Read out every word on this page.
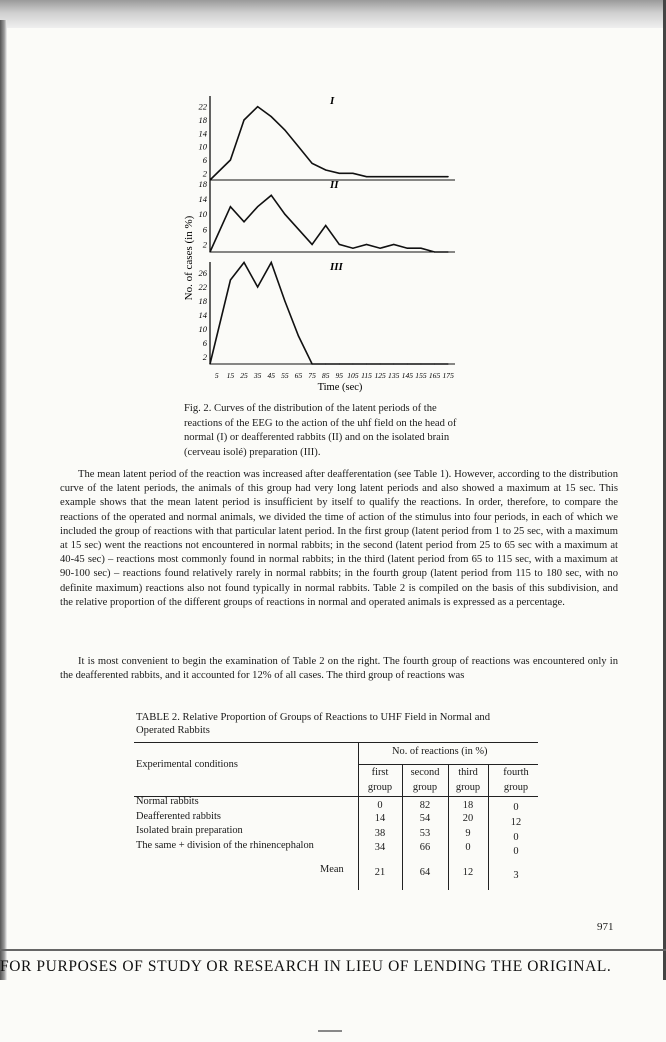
No. of cases (in %)
Time (sec)
22
18
14
10
6
2
I
18
14
10
6
2
II
26
22
18
14
10
6
2
III
5 15 25 35 45 55 65 75 85 95 105 115 125 135 145 155 165 175
Fig. 2. Curves of the distribution of the latent periods of the reactions of the EEG to the action of the uhf field on the head of normal (I) or deafferented rabbits (II) and on the isolated brain (cerveau isolé) preparation (III).
The mean latent period of the reaction was increased after deafferentation (see Table 1). However, according to the distribution curve of the latent periods, the animals of this group had very long latent periods and also showed a maximum at 15 sec. This example shows that the mean latent period is insufficient by itself to qualify the reactions. In order, therefore, to compare the reactions of the operated and normal animals, we divided the time of action of the stimulus into four periods, in each of which we included the group of reactions with that particular latent period. In the first group (latent period from 1 to 25 sec, with a maximum at 15 sec) went the reactions not encountered in normal rabbits; in the second (latent period from 25 to 65 sec with a maximum at 40-45 sec) – reactions most commonly found in normal rabbits; in the third (latent period from 65 to 115 sec, with a maximum at 90-100 sec) – reactions found relatively rarely in normal rabbits; in the fourth group (latent period from 115 to 180 sec, with no definite maximum) reactions also not found typically in normal rabbits. Table 2 is compiled on the basis of this subdivision, and the relative proportion of the different groups of reactions in normal and operated animals is expressed as a percentage.
It is most convenient to begin the examination of Table 2 on the right. The fourth group of reactions was encountered only in the deafferented rabbits, and it accounted for 12% of all cases. The third group of reactions was
TABLE 2. Relative Proportion of Groups of Reactions to UHF Field in Normal and Operated Rabbits
Experimental conditions
No. of reactions (in %)
first
group
second
group
third
group
fourth
group
Normal rabbits	0	82	18	0
Deafferented rabbits	14	54	20	12
Isolated brain preparation	38	53	9	0
The same + division of the rhinencephalon	34	66	0	0
Mean	21	64	12	3
971
FOR PURPOSES OF STUDY OR RESEARCH IN LIEU OF LENDING THE ORIGINAL.
